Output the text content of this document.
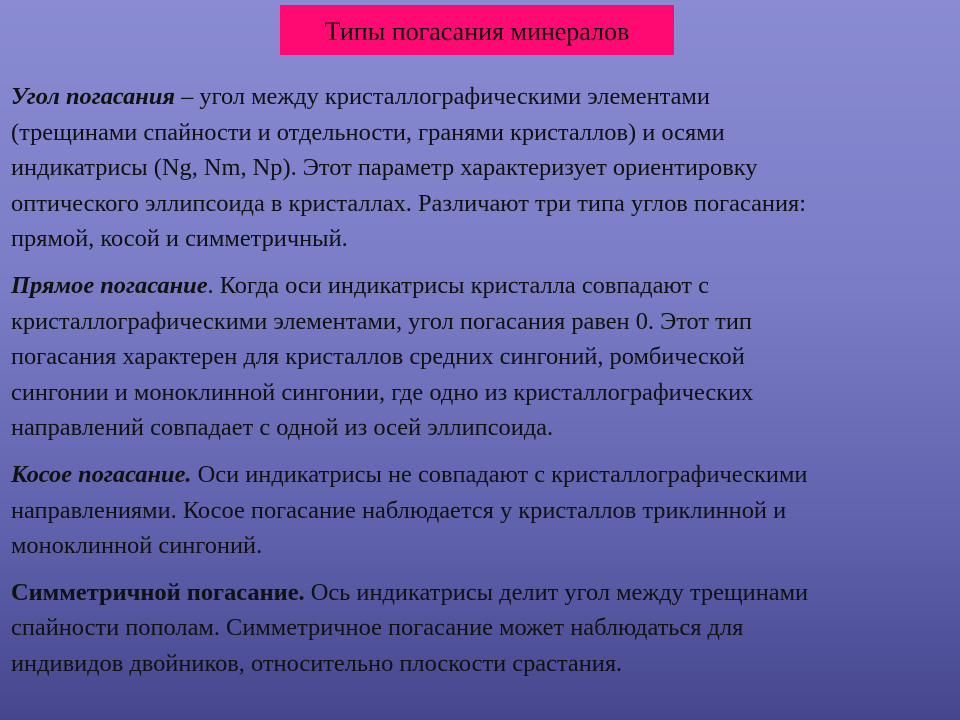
Типы погасания минералов
Угол погасания – угол между кристаллографическими элементами
(трещинами спайности и отдельности, гранями кристаллов) и осями
индикатрисы (Ng, Nm, Np). Этот параметр характеризует ориентировку
оптического эллипсоида в кристаллах. Различают три типа углов погасания:
прямой, косой и симметричный.
Прямое погасание. Когда оси индикатрисы кристалла совпадают с
кристаллографическими элементами, угол погасания равен 0. Этот тип
погасания характерен для кристаллов средних сингоний, ромбической
сингонии и моноклинной сингонии, где одно из кристаллографических
направлений совпадает с одной из осей эллипсоида.
Косое погасание. Оси индикатрисы не совпадают с кристаллографическими
направлениями. Косое погасание наблюдается у кристаллов триклинной и
моноклинной сингоний.
Симметричной погасание. Ось индикатрисы делит угол между трещинами
спайности пополам. Симметричное погасание может наблюдаться для
индивидов двойников, относительно плоскости срастания.
